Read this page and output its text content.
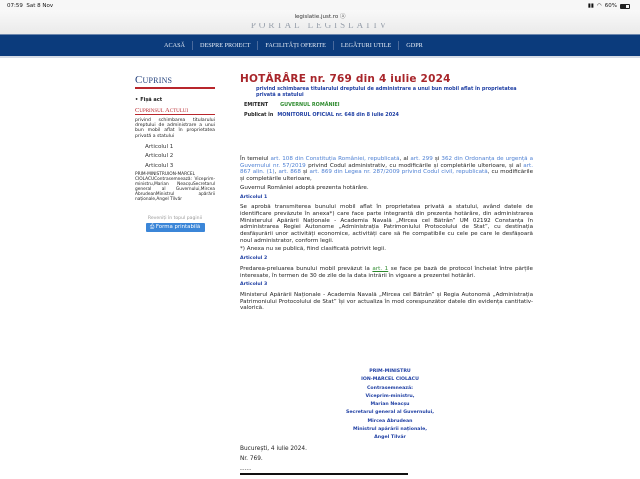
07:59 Sat 8 Nov	▮▮ ◠ 60%
legislatie.just.ro ⓐ
PORTAL LEGISLATIV
ACASĂ	DESPRE PROIECT	FACILITĂȚI OFERITE	LEGĂTURI UTILE	GDPR
Cuprins
• Fișă act
Cuprinsul Actului
privind schimbarea titularului dreptului de administrare a unui bun mobil aflat în proprietatea privată a statului
Articolul 1
Articolul 2
Articolul 3
PRIM-MINISTRUION-MARCEL CIOLACUContrasemnează: Viceprim-ministru,Marian NeacșuSecretarul general al Guvernului,Mircea AbrudeanMinistrul apărării naționale,Angel Tîlvăr
Reveniți în topul paginii
⎙ Forma printabilă
HOTĂRÂRE nr. 769 din 4 iulie 2024
privind schimbarea titularului dreptului de administrare a unui bun mobil aflat în proprietatea privată a statului
EMITENT GUVERNUL ROMÂNIEI
Publicat în MONITORUL OFICIAL nr. 648 din 8 iulie 2024
În temeiul art. 108 din Constituția României, republicată, al art. 299 și 362 din Ordonanța de urgență a Guvernului nr. 57/2019 privind Codul administrativ, cu modificările și completările ulterioare, și al art. 867 alin. (1), art. 868 și art. 869 din Legea nr. 287/2009 privind Codul civil, republicată, cu modificările și completările ulterioare,
Guvernul României adoptă prezenta hotărâre.
Articolul 1
Se aprobă transmiterea bunului mobil aflat în proprietatea privată a statului, având datele de identificare prevăzute în anexa*) care face parte integrantă din prezenta hotărâre, din administrarea Ministerului Apărării Naționale - Academia Navală „Mircea cel Bătrân” UM 02192 Constanța în administrarea Regiei Autonome „Administrația Patrimoniului Protocolului de Stat”, cu destinația desfășurării unor activități economice, activități care să fie compatibile cu cele pe care le desfășoară noul administrator, conform legii.
*) Anexa nu se publică, fiind clasificată potrivit legii.
Articolul 2
Predarea-preluarea bunului mobil prevăzut la art. 1 se face pe bază de protocol încheiat între părțile interesate, în termen de 30 de zile de la data intrării în vigoare a prezentei hotărâri.
Articolul 3
Ministerul Apărării Naționale - Academia Navală „Mircea cel Bătrân” și Regia Autonomă „Administrația Patrimoniului Protocolului de Stat” își vor actualiza în mod corespunzător datele din evidența cantitativ-valorică.
PRIM-MINISTRU
ION-MARCEL CIOLACU
Contrasemnează:
Viceprim-ministru,
Marian Neacșu
Secretarul general al Guvernului,
Mircea Abrudean
Ministrul apărării naționale,
Angel Tîlvăr
București, 4 iulie 2024.
Nr. 769.
-----
